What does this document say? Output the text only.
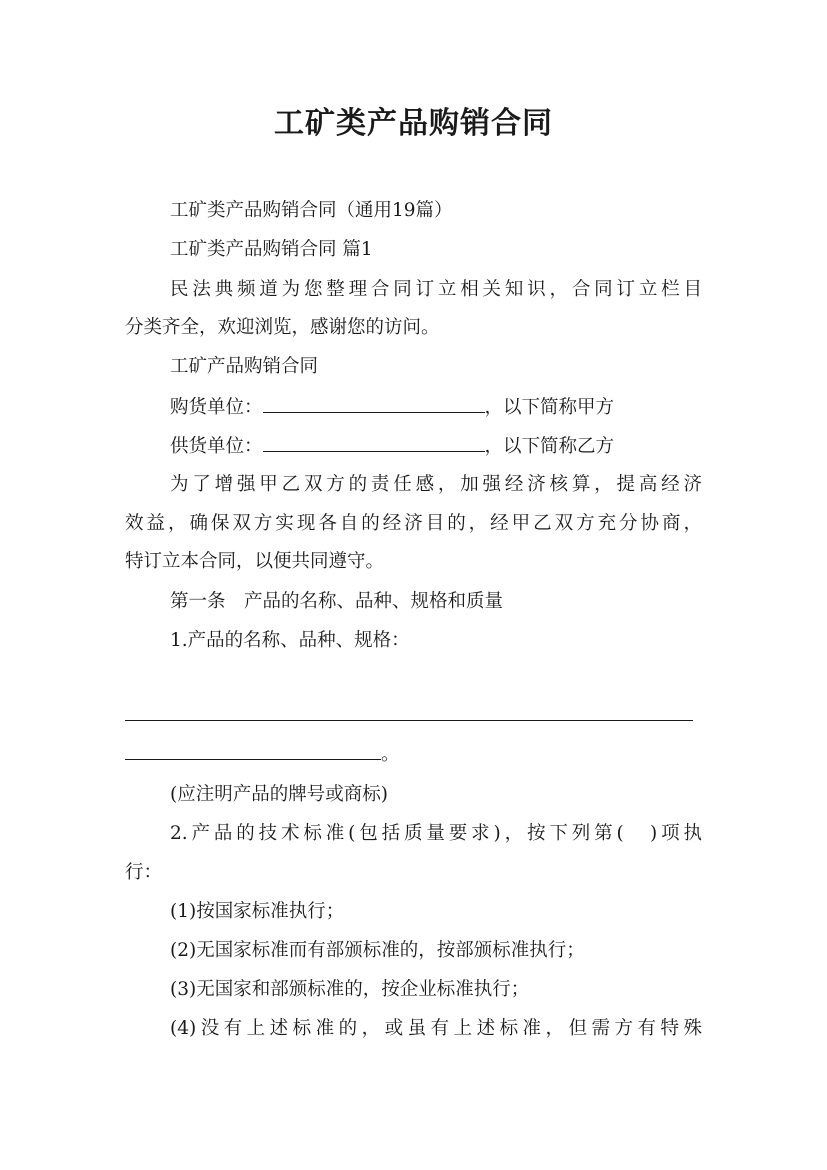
工矿类产品购销合同
工矿类产品购销合同（通用19篇）
工矿类产品购销合同 篇1
民法典频道为您整理合同订立相关知识，合同订立栏目
分类齐全，欢迎浏览，感谢您的访问。
工矿产品购销合同
购货单位：	，以下简称甲方
供货单位：	，以下简称乙方
为了增强甲乙双方的责任感，加强经济核算，提高经济
效益，确保双方实现各自的经济目的，经甲乙双方充分协商，
特订立本合同，以便共同遵守。
第一条　产品的名称、品种、规格和质量
1.产品的名称、品种、规格：
。
(应注明产品的牌号或商标)
2.产品的技术标准(包括质量要求)，按下列第(　)项执
行：
(1)按国家标准执行；
(2)无国家标准而有部颁标准的，按部颁标准执行；
(3)无国家和部颁标准的，按企业标准执行；
(4)没有上述标准的，或虽有上述标准，但需方有特殊
